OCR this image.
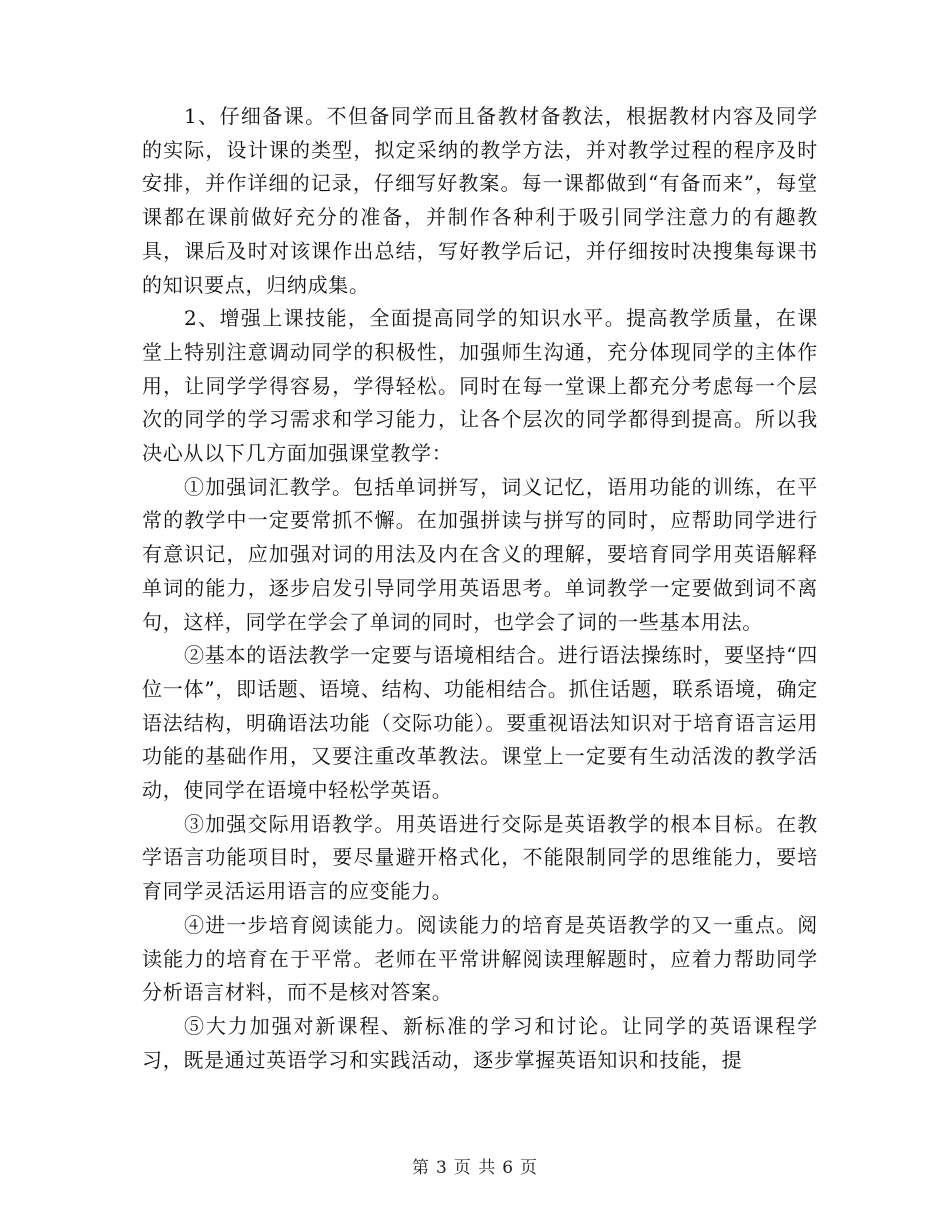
1、仔细备课。不但备同学而且备教材备教法，根据教材内容及同学的实际，设计课的类型，拟定采纳的教学方法，并对教学过程的程序及时安排，并作详细的记录，仔细写好教案。每一课都做到“有备而来”，每堂课都在课前做好充分的准备，并制作各种利于吸引同学注意力的有趣教具，课后及时对该课作出总结，写好教学后记，并仔细按时决搜集每课书的知识要点，归纳成集。

2、增强上课技能，全面提高同学的知识水平。提高教学质量，在课堂上特别注意调动同学的积极性，加强师生沟通，充分体现同学的主体作用，让同学学得容易，学得轻松。同时在每一堂课上都充分考虑每一个层次的同学的学习需求和学习能力，让各个层次的同学都得到提高。所以我决心从以下几方面加强课堂教学：

①加强词汇教学。包括单词拼写，词义记忆，语用功能的训练，在平常的教学中一定要常抓不懈。在加强拼读与拼写的同时，应帮助同学进行有意识记，应加强对词的用法及内在含义的理解，要培育同学用英语解释单词的能力，逐步启发引导同学用英语思考。单词教学一定要做到词不离句，这样，同学在学会了单词的同时，也学会了词的一些基本用法。

②基本的语法教学一定要与语境相结合。进行语法操练时，要坚持“四位一体”，即话题、语境、结构、功能相结合。抓住话题，联系语境，确定语法结构，明确语法功能（交际功能）。要重视语法知识对于培育语言运用功能的基础作用，又要注重改革教法。课堂上一定要有生动活泼的教学活动，使同学在语境中轻松学英语。

③加强交际用语教学。用英语进行交际是英语教学的根本目标。在教学语言功能项目时，要尽量避开格式化，不能限制同学的思维能力，要培育同学灵活运用语言的应变能力。

④进一步培育阅读能力。阅读能力的培育是英语教学的又一重点。阅读能力的培育在于平常。老师在平常讲解阅读理解题时，应着力帮助同学分析语言材料，而不是核对答案。

⑤大力加强对新课程、新标准的学习和讨论。让同学的英语课程学习，既是通过英语学习和实践活动，逐步掌握英语知识和技能，提

第 3 页 共 6 页
